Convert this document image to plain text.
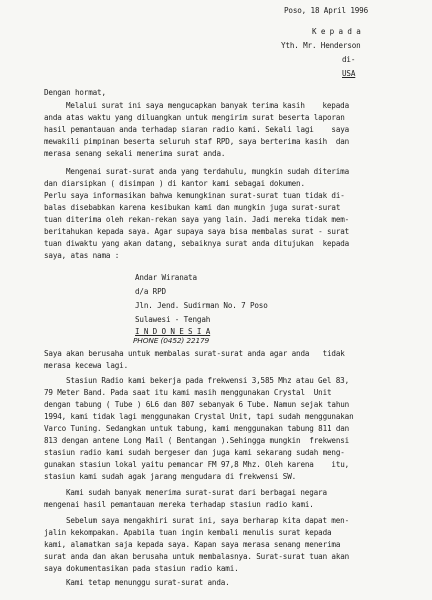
Poso, 18 April 1996
K e p a d a
Yth. Mr. Henderson
di-
USA
Dengan hormat,
Melalui surat ini saya mengucapkan banyak terima kasih    kepada
anda atas waktu yang diluangkan untuk mengirim surat beserta laporan
hasil pemantauan anda terhadap siaran radio kami. Sekali lagi    saya
mewakili pimpinan beserta seluruh staf RPD, saya berterima kasih  dan
merasa senang sekali menerima surat anda.
Mengenai surat-surat anda yang terdahulu, mungkin sudah diterima
dan diarsipkan ( disimpan ) di kantor kami sebagai dokumen.
Perlu saya informasikan bahwa kemungkinan surat-surat tuan tidak di-
balas disebabkan karena kesibukan kami dan mungkin juga surat-surat
tuan diterima oleh rekan-rekan saya yang lain. Jadi mereka tidak mem-
beritahukan kepada saya. Agar supaya saya bisa membalas surat - surat
tuan diwaktu yang akan datang, sebaiknya surat anda ditujukan  kepada
saya, atas nama :
Andar Wiranata
d/a RPD
Jln. Jend. Sudirman No. 7 Poso
Sulawesi - Tengah
I N D O N E S I A
PHONE (0452) 22179
Saya akan berusaha untuk membalas surat-surat anda agar anda   tidak
merasa kecewa lagi.
Stasiun Radio kami bekerja pada frekwensi 3,585 Mhz atau Gel 83,
79 Meter Band. Pada saat itu kami masih menggunakan Crystal  Unit
dengan tabung ( Tube ) 6L6 dan 807 sebanyak 6 Tube. Namun sejak tahun
1994, kami tidak lagi menggunakan Crystal Unit, tapi sudah menggunakan
Varco Tuning. Sedangkan untuk tabung, kami menggunakan tabung 811 dan
813 dengan antene Long Mail ( Bentangan ).Sehingga mungkin  frekwensi
stasiun radio kami sudah bergeser dan juga kami sekarang sudah meng-
gunakan stasiun lokal yaitu pemancar FM 97,8 Mhz. Oleh karena    itu,
stasiun kami sudah agak jarang mengudara di frekwensi SW.
Kami sudah banyak menerima surat-surat dari berbagai negara
mengenai hasil pemantauan mereka terhadap stasiun radio kami.
Sebelum saya mengakhiri surat ini, saya berharap kita dapat men-
jalin kekompakan. Apabila tuan ingin kembali menulis surat kepada
kami, alamatkan saja kepada saya. Kapan saya merasa senang menerima
surat anda dan akan berusaha untuk membalasnya. Surat-surat tuan akan
saya dokumentasikan pada stasiun radio kami.
Kami tetap menunggu surat-surat anda.
